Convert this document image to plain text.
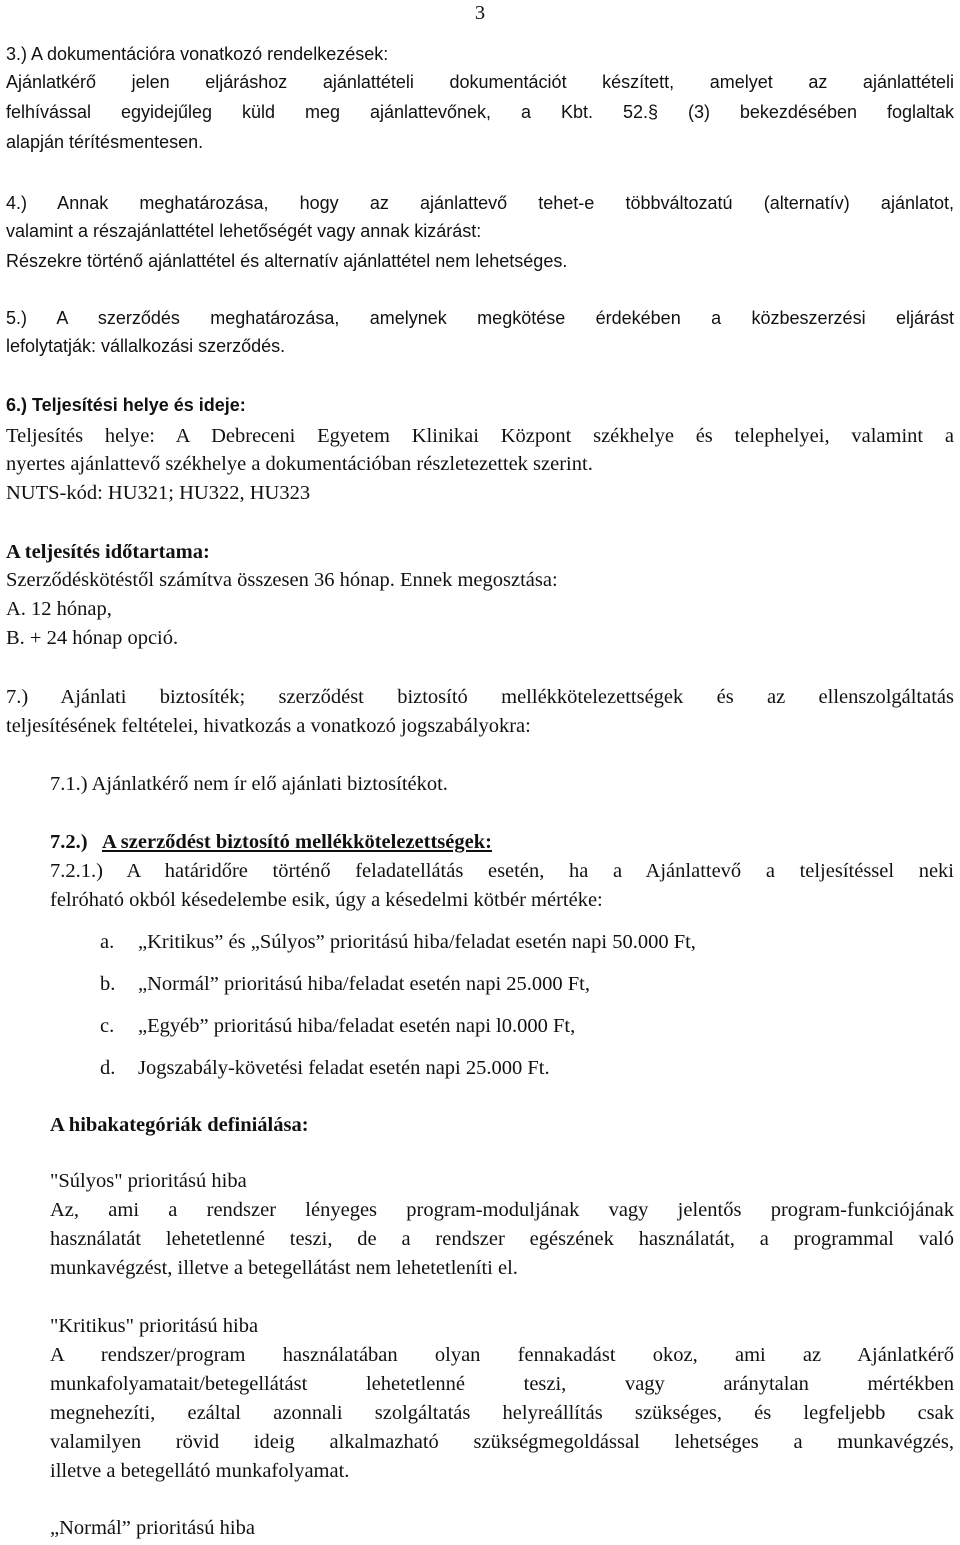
3
3.) A dokumentációra vonatkozó rendelkezések:
Ajánlatkérő jelen eljáráshoz ajánlattételi dokumentációt készített, amelyet az ajánlattételi
felhívással egyidejűleg küld meg ajánlattevőnek, a Kbt. 52.§ (3) bekezdésében foglaltak
alapján térítésmentesen.
4.) Annak meghatározása, hogy az ajánlattevő tehet-e többváltozatú (alternatív) ajánlatot,
valamint a részajánlattétel lehetőségét vagy annak kizárást:
Részekre történő ajánlattétel és alternatív ajánlattétel nem lehetséges.
5.) A szerződés meghatározása, amelynek megkötése érdekében a közbeszerzési eljárást
lefolytatják: vállalkozási szerződés.
6.) Teljesítési helye és ideje:
Teljesítés helye: A Debreceni Egyetem Klinikai Központ székhelye és telephelyei, valamint a
nyertes ajánlattevő székhelye a dokumentációban részletezettek szerint.
NUTS-kód: HU321; HU322, HU323
A teljesítés időtartama:
Szerződéskötéstől számítva összesen 36 hónap. Ennek megosztása:
A. 12 hónap,
B. + 24 hónap opció.
7.) Ajánlati biztosíték; szerződést biztosító mellékkötelezettségek és az ellenszolgáltatás
teljesítésének feltételei, hivatkozás a vonatkozó jogszabályokra:
7.1.) Ajánlatkérő nem ír elő ajánlati biztosítékot.
7.2.) A szerződést biztosító mellékkötelezettségek:
7.2.1.) A határidőre történő feladatellátás esetén, ha a Ajánlattevő a teljesítéssel neki
felróható okból késedelembe esik, úgy a késedelmi kötbér mértéke:
a. „Kritikus” és „Súlyos” prioritású hiba/feladat esetén napi 50.000 Ft,
b. „Normál” prioritású hiba/feladat esetén napi 25.000 Ft,
c. „Egyéb” prioritású hiba/feladat esetén napi l0.000 Ft,
d. Jogszabály-követési feladat esetén napi 25.000 Ft.
A hibakategóriák definiálása:
"Súlyos" prioritású hiba
Az, ami a rendszer lényeges program-moduljának vagy jelentős program-funkciójának
használatát lehetetlenné teszi, de a rendszer egészének használatát, a programmal való
munkavégzést, illetve a betegellátást nem lehetetleníti el.
"Kritikus" prioritású hiba
A rendszer/program használatában olyan fennakadást okoz, ami az Ajánlatkérő
munkafolyamatait/betegellátást lehetetlenné teszi, vagy aránytalan mértékben
megnehezíti, ezáltal azonnali szolgáltatás helyreállítás szükséges, és legfeljebb csak
valamilyen rövid ideig alkalmazható szükségmegoldással lehetséges a munkavégzés,
illetve a betegellátó munkafolyamat.
„Normál” prioritású hiba
